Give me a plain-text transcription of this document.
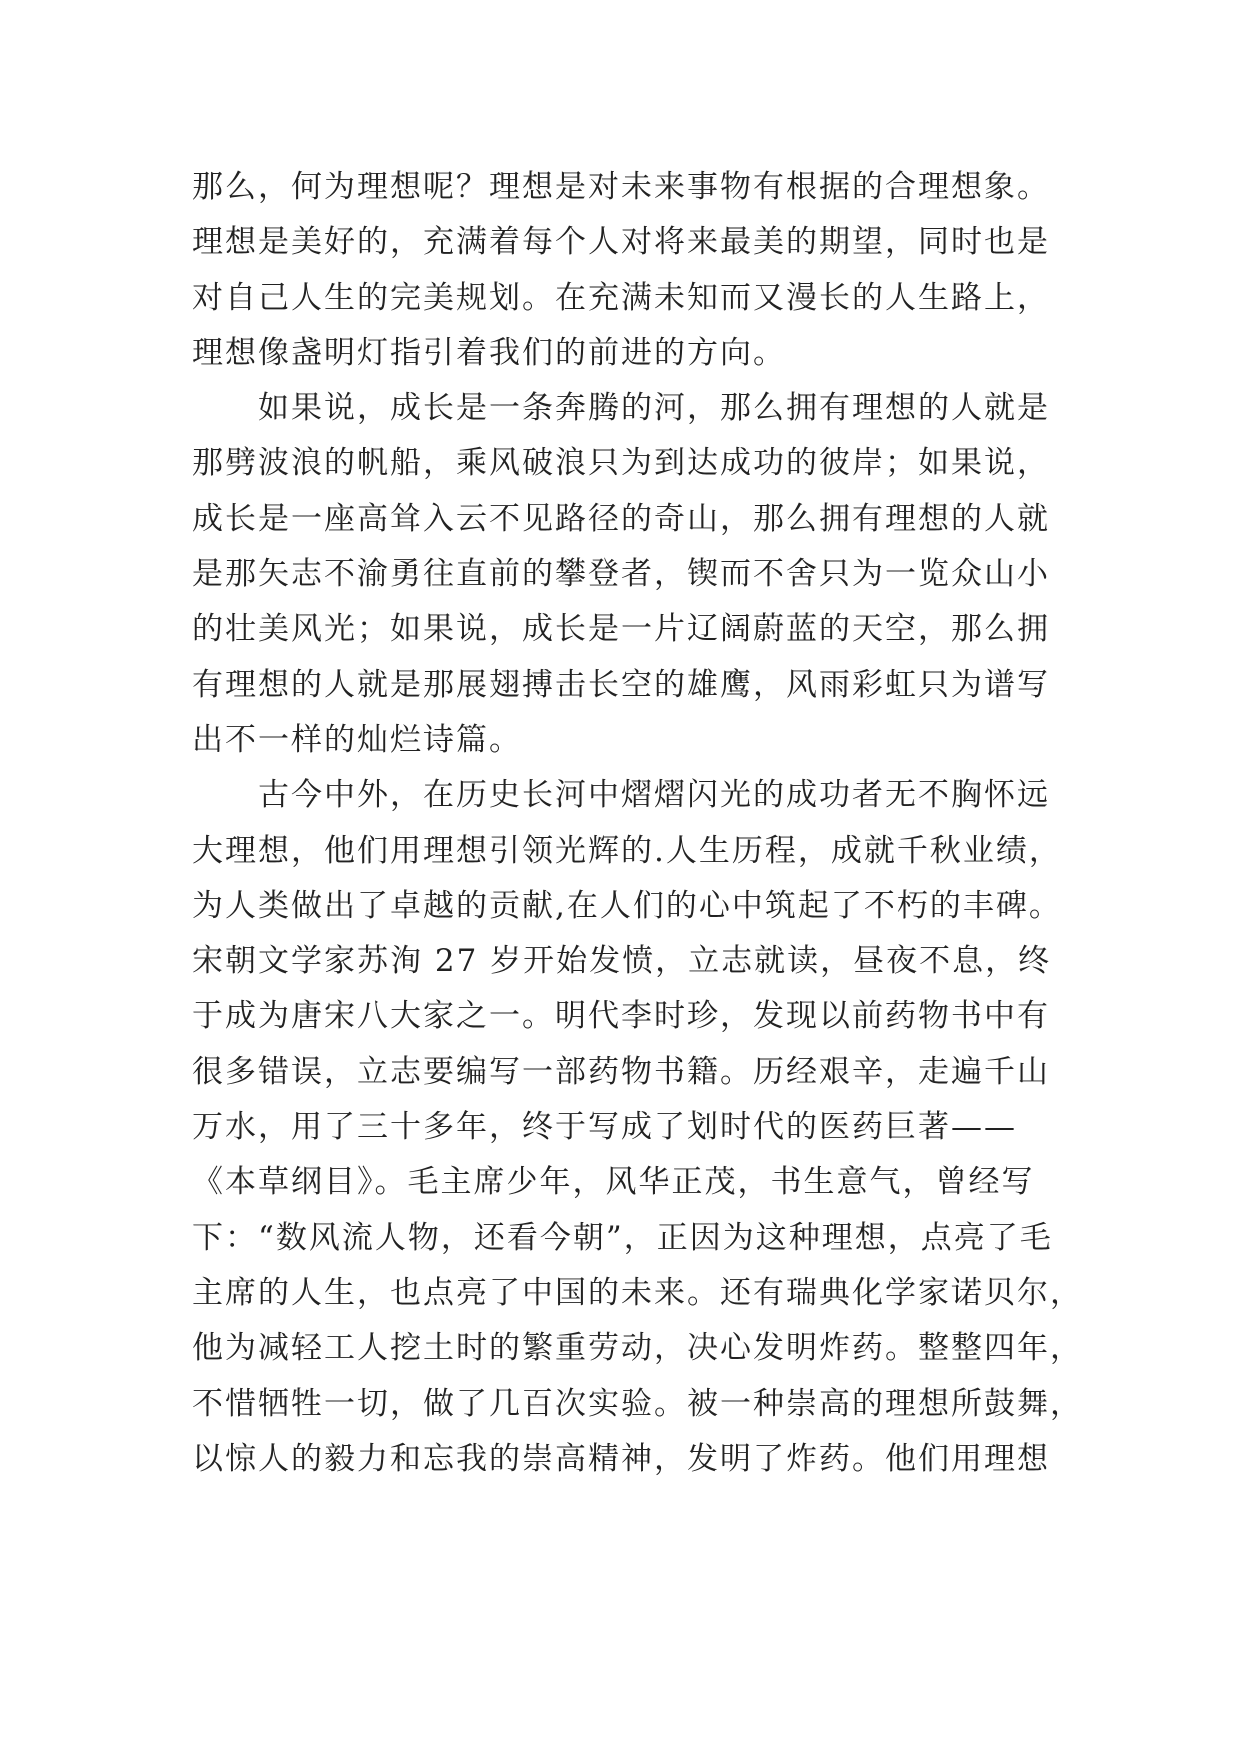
那么，何为理想呢？理想是对未来事物有根据的合理想象。
理想是美好的，充满着每个人对将来最美的期望，同时也是
对自己人生的完美规划。在充满未知而又漫长的人生路上，
理想像盏明灯指引着我们的前进的方向。
如果说，成长是一条奔腾的河，那么拥有理想的人就是
那劈波浪的帆船，乘风破浪只为到达成功的彼岸；如果说，
成长是一座高耸入云不见路径的奇山，那么拥有理想的人就
是那矢志不渝勇往直前的攀登者，锲而不舍只为一览众山小
的壮美风光；如果说，成长是一片辽阔蔚蓝的天空，那么拥
有理想的人就是那展翅搏击长空的雄鹰，风雨彩虹只为谱写
出不一样的灿烂诗篇。
古今中外，在历史长河中熠熠闪光的成功者无不胸怀远
大理想，他们用理想引领光辉的.人生历程，成就千秋业绩，
为人类做出了卓越的贡献,在人们的心中筑起了不朽的丰碑。
宋朝文学家苏洵 27 岁开始发愤，立志就读，昼夜不息，终
于成为唐宋八大家之一。明代李时珍，发现以前药物书中有
很多错误，立志要编写一部药物书籍。历经艰辛，走遍千山
万水，用了三十多年，终于写成了划时代的医药巨著——
《本草纲目》。毛主席少年，风华正茂，书生意气，曾经写
下：“数风流人物，还看今朝”，正因为这种理想，点亮了毛
主席的人生，也点亮了中国的未来。还有瑞典化学家诺贝尔，
他为减轻工人挖土时的繁重劳动，决心发明炸药。整整四年，
不惜牺牲一切，做了几百次实验。被一种崇高的理想所鼓舞，
以惊人的毅力和忘我的崇高精神，发明了炸药。他们用理想
